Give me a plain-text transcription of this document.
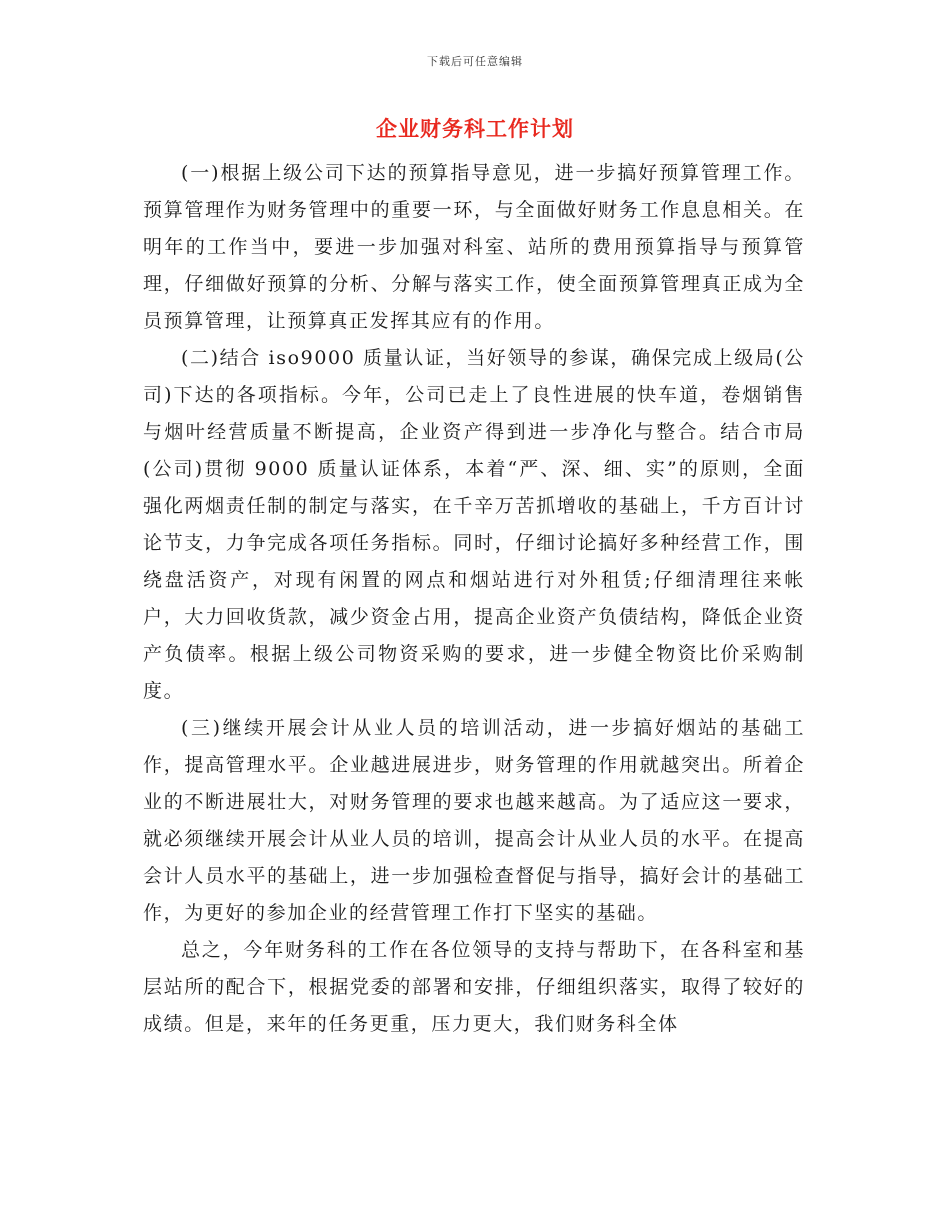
下载后可任意编辑
企业财务科工作计划

(一)根据上级公司下达的预算指导意见，进一步搞好预算管理工作。预算管理作为财务管理中的重要一环，与全面做好财务工作息息相关。在明年的工作当中，要进一步加强对科室、站所的费用预算指导与预算管理，仔细做好预算的分析、分解与落实工作，使全面预算管理真正成为全员预算管理，让预算真正发挥其应有的作用。

(二)结合 iso9000 质量认证，当好领导的参谋，确保完成上级局(公司)下达的各项指标。今年，公司已走上了良性进展的快车道，卷烟销售与烟叶经营质量不断提高，企业资产得到进一步净化与整合。结合市局(公司)贯彻 9000 质量认证体系，本着“严、深、细、实”的原则，全面强化两烟责任制的制定与落实，在千辛万苦抓增收的基础上，千方百计讨论节支，力争完成各项任务指标。同时，仔细讨论搞好多种经营工作，围绕盘活资产，对现有闲置的网点和烟站进行对外租赁;仔细清理往来帐户，大力回收货款，减少资金占用，提高企业资产负债结构，降低企业资产负债率。根据上级公司物资采购的要求，进一步健全物资比价采购制度。

(三)继续开展会计从业人员的培训活动，进一步搞好烟站的基础工作，提高管理水平。企业越进展进步，财务管理的作用就越突出。所着企业的不断进展壮大，对财务管理的要求也越来越高。为了适应这一要求，就必须继续开展会计从业人员的培训，提高会计从业人员的水平。在提高会计人员水平的基础上，进一步加强检查督促与指导，搞好会计的基础工作，为更好的参加企业的经营管理工作打下坚实的基础。

总之，今年财务科的工作在各位领导的支持与帮助下，在各科室和基层站所的配合下，根据党委的部署和安排，仔细组织落实，取得了较好的成绩。但是，来年的任务更重，压力更大，我们财务科全体
